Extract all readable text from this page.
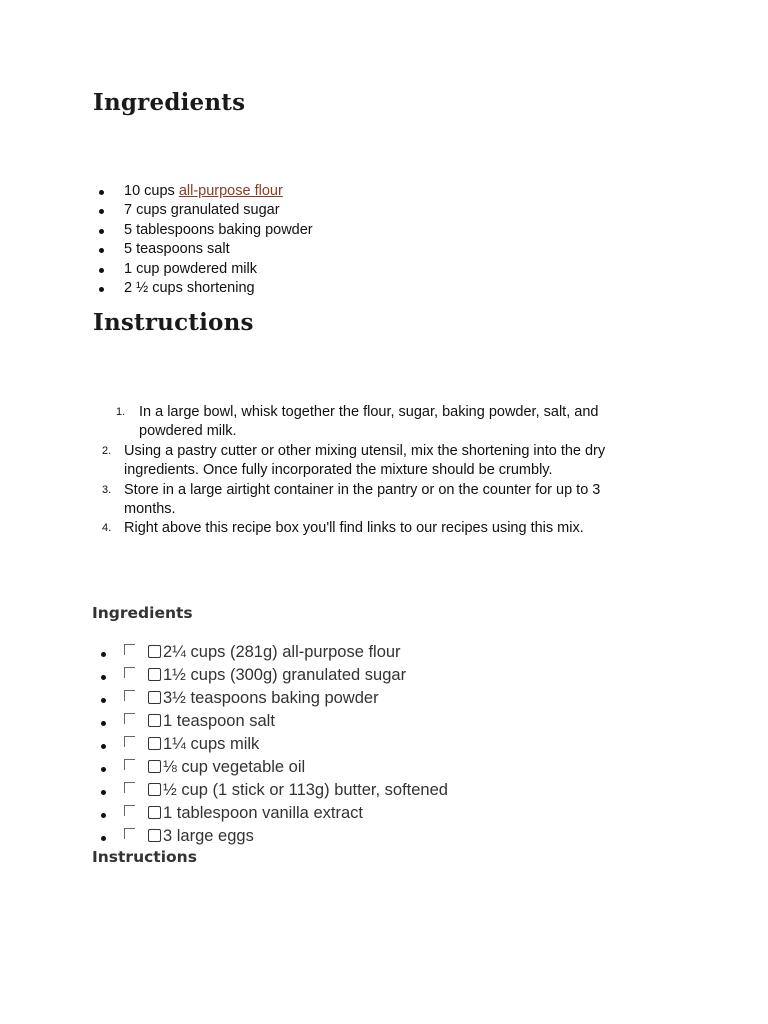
Ingredients
10 cups all-purpose flour
7 cups granulated sugar
5 tablespoons baking powder
5 teaspoons salt
1 cup powdered milk
2 ½ cups shortening
Instructions
1. In a large bowl, whisk together the flour, sugar, baking powder, salt, and powdered milk.
2. Using a pastry cutter or other mixing utensil, mix the shortening into the dry ingredients. Once fully incorporated the mixture should be crumbly.
3. Store in a large airtight container in the pantry or on the counter for up to 3 months.
4. Right above this recipe box you'll find links to our recipes using this mix.
Ingredients
2¼ cups (281g) all-purpose flour
1½ cups (300g) granulated sugar
3½ teaspoons baking powder
1 teaspoon salt
1¼ cups milk
⅛ cup vegetable oil
½ cup (1 stick or 113g) butter, softened
1 tablespoon vanilla extract
3 large eggs
Instructions
